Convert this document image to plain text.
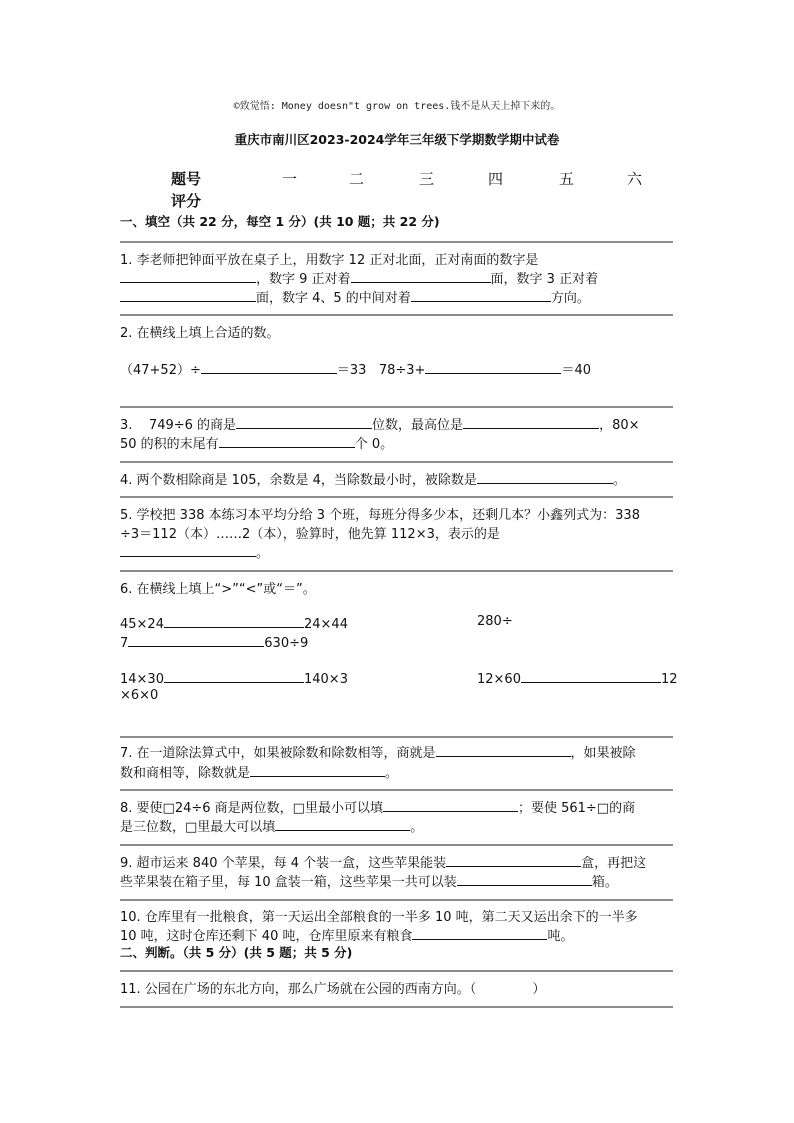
©致觉悟: Money doesn"t grow on trees.钱不是从天上掉下来的。
重庆市南川区2023-2024学年三年级下学期数学期中试卷
题号	一	二	三	四	五	六
评分
一、填空（共 22 分，每空 1 分）(共 10 题；共 22 分)
1. 李老师把钟面平放在桌子上，用数字 12 正对北面，正对南面的数字是
，数字 9 正对着	面，数字 3 正对着
面，数字 4、5 的中间对着	方向。
2. 在横线上填上合适的数。
（47+52）÷	＝33 78÷3+	＝40
3.    749÷6 的商是	位数，最高位是	，80×
50 的积的末尾有	个 0。
4. 两个数相除商是 105，余数是 4，当除数最小时，被除数是	。
5. 学校把 338 本练习本平均分给 3 个班，每班分得多少本，还剩几本？小鑫列式为：338
÷3＝112（本）……2（本），验算时，他先算 112×3，表示的是
。
6. 在横线上填上“>”“<”或“＝”。
45×24	24×44	280÷
7	630÷9
14×30	140×3	12×60	12
×6×0
7. 在一道除法算式中，如果被除数和除数相等，商就是	，如果被除
数和商相等，除数就是	。
8. 要使□24÷6 商是两位数，□里最小可以填	；要使 561÷□的商
是三位数，□里最大可以填	。
9. 超市运来 840 个苹果，每 4 个装一盒，这些苹果能装	盒，再把这
些苹果装在箱子里，每 10 盒装一箱，这些苹果一共可以装	箱。
10. 仓库里有一批粮食，第一天运出全部粮食的一半多 10 吨，第二天又运出余下的一半多
10 吨，这时仓库还剩下 40 吨，仓库里原来有粮食	吨。
二、判断。（共 5 分）(共 5 题；共 5 分)
11. 公园在广场的东北方向，那么广场就在公园的西南方向。（	）
